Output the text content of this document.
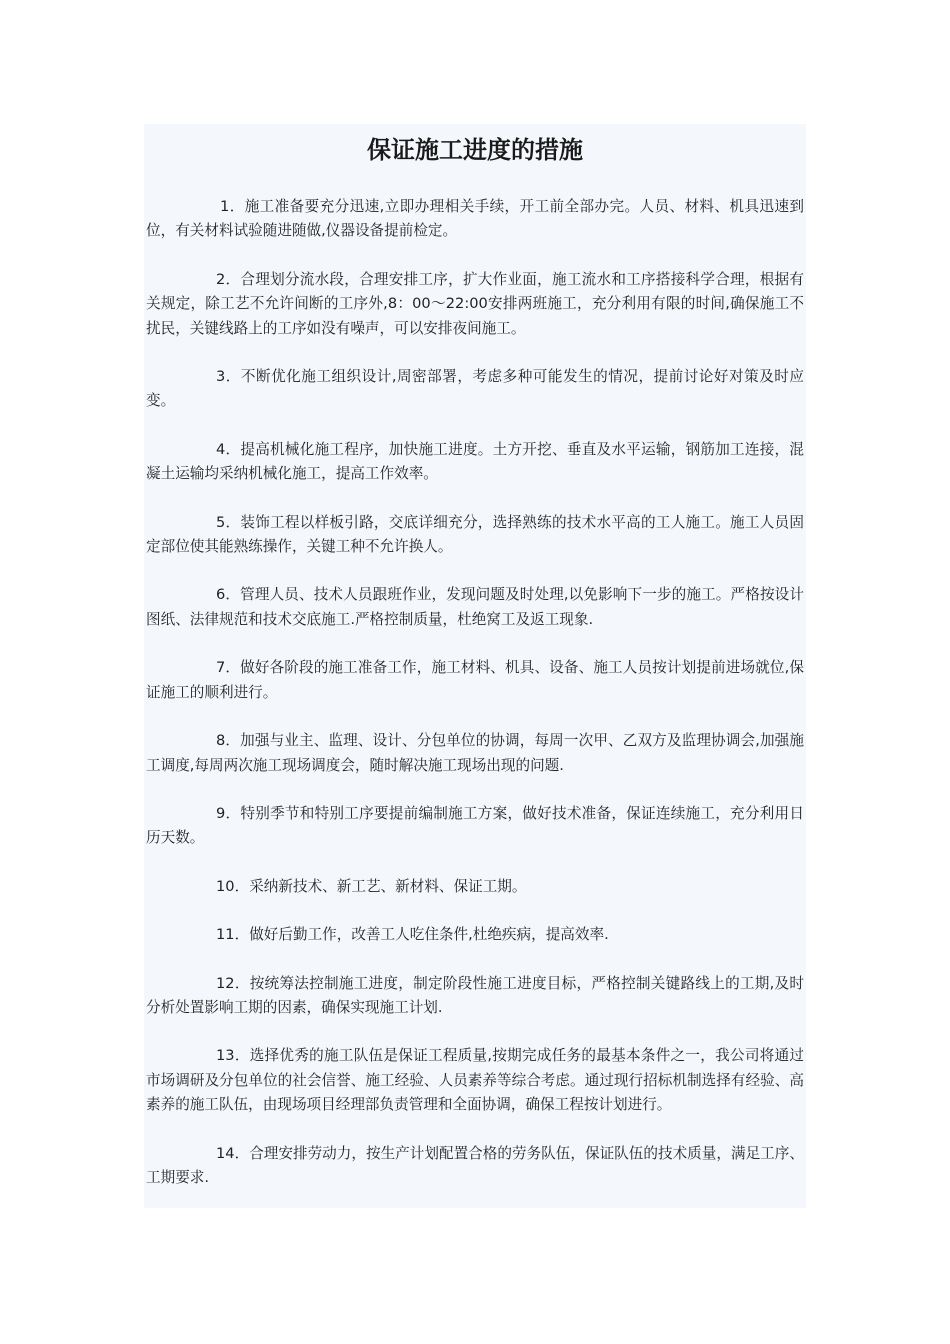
保证施工进度的措施

1．施工准备要充分迅速,立即办理相关手续，开工前全部办完。人员、材料、机具迅速到位，有关材料试验随进随做,仪器设备提前检定。

2．合理划分流水段，合理安排工序，扩大作业面，施工流水和工序搭接科学合理，根据有关规定，除工艺不允许间断的工序外,8：00～22:00安排两班施工，充分利用有限的时间,确保施工不扰民，关键线路上的工序如没有噪声，可以安排夜间施工。

3．不断优化施工组织设计,周密部署，考虑多种可能发生的情况，提前讨论好对策及时应变。

4．提高机械化施工程序，加快施工进度。土方开挖、垂直及水平运输，钢筋加工连接，混凝土运输均采纳机械化施工，提高工作效率。

5．装饰工程以样板引路，交底详细充分，选择熟练的技术水平高的工人施工。施工人员固定部位使其能熟练操作，关键工种不允许换人。

6．管理人员、技术人员跟班作业，发现问题及时处理,以免影响下一步的施工。严格按设计图纸、法律规范和技术交底施工.严格控制质量，杜绝窝工及返工现象.

7．做好各阶段的施工准备工作，施工材料、机具、设备、施工人员按计划提前进场就位,保证施工的顺利进行。

8．加强与业主、监理、设计、分包单位的协调，每周一次甲、乙双方及监理协调会,加强施工调度,每周两次施工现场调度会，随时解决施工现场出现的问题.

9．特别季节和特别工序要提前编制施工方案，做好技术准备，保证连续施工，充分利用日历天数。

10．采纳新技术、新工艺、新材料、保证工期。

11．做好后勤工作，改善工人吃住条件,杜绝疾病，提高效率.

12．按统筹法控制施工进度，制定阶段性施工进度目标，严格控制关键路线上的工期,及时分析处置影响工期的因素，确保实现施工计划.

13．选择优秀的施工队伍是保证工程质量,按期完成任务的最基本条件之一，我公司将通过市场调研及分包单位的社会信誉、施工经验、人员素养等综合考虑。通过现行招标机制选择有经验、高素养的施工队伍，由现场项目经理部负责管理和全面协调，确保工程按计划进行。

14．合理安排劳动力，按生产计划配置合格的劳务队伍，保证队伍的技术质量，满足工序、工期要求.
